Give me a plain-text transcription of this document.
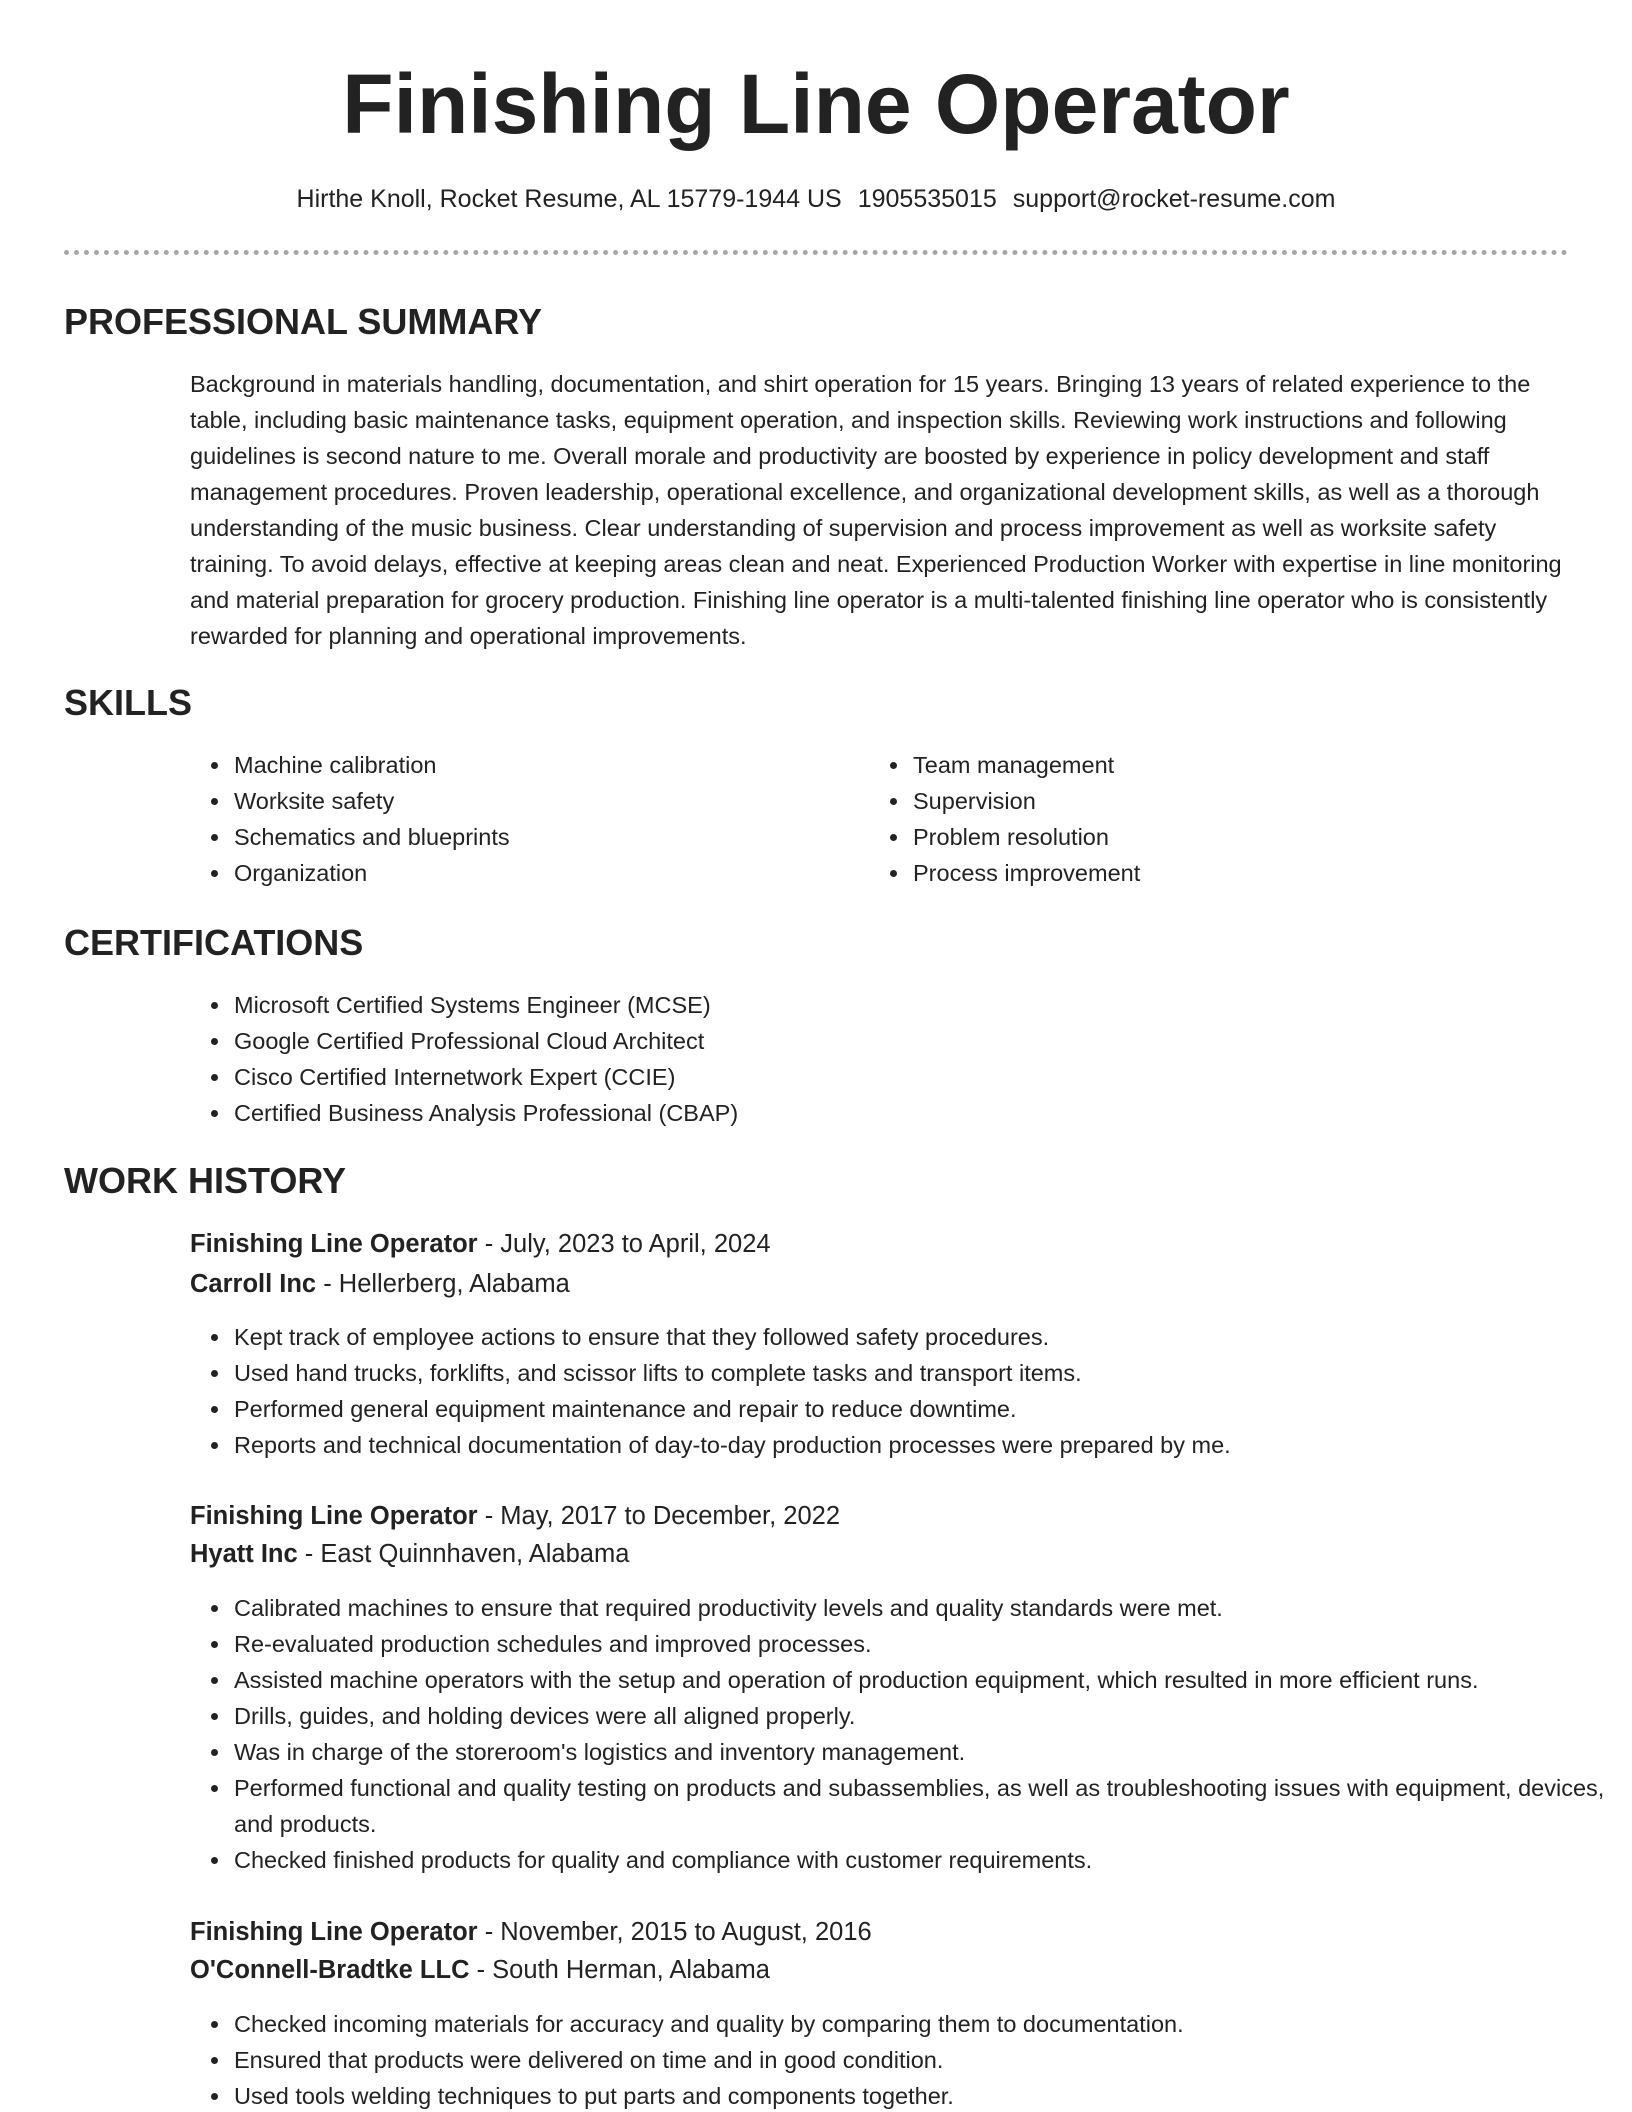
Finishing Line Operator
Hirthe Knoll, Rocket Resume, AL 15779-1944 US 1905535015 support@rocket-resume.com
PROFESSIONAL SUMMARY

Background in materials handling, documentation, and shirt operation for 15 years. Bringing 13 years of related experience to the table, including basic maintenance tasks, equipment operation, and inspection skills. Reviewing work instructions and following guidelines is second nature to me. Overall morale and productivity are boosted by experience in policy development and staff management procedures. Proven leadership, operational excellence, and organizational development skills, as well as a thorough understanding of the music business. Clear understanding of supervision and process improvement as well as worksite safety training. To avoid delays, effective at keeping areas clean and neat. Experienced Production Worker with expertise in line monitoring and material preparation for grocery production. Finishing line operator is a multi-talented finishing line operator who is consistently rewarded for planning and operational improvements.

SKILLS
• Machine calibration
• Worksite safety
• Schematics and blueprints
• Organization
• Team management
• Supervision
• Problem resolution
• Process improvement
CERTIFICATIONS
• Microsoft Certified Systems Engineer (MCSE)
• Google Certified Professional Cloud Architect
• Cisco Certified Internetwork Expert (CCIE)
• Certified Business Analysis Professional (CBAP)
WORK HISTORY
Finishing Line Operator - July, 2023 to April, 2024
Carroll Inc - Hellerberg, Alabama
• Kept track of employee actions to ensure that they followed safety procedures.
• Used hand trucks, forklifts, and scissor lifts to complete tasks and transport items.
• Performed general equipment maintenance and repair to reduce downtime.
• Reports and technical documentation of day-to-day production processes were prepared by me.
Finishing Line Operator - May, 2017 to December, 2022
Hyatt Inc - East Quinnhaven, Alabama
• Calibrated machines to ensure that required productivity levels and quality standards were met.
• Re-evaluated production schedules and improved processes.
• Assisted machine operators with the setup and operation of production equipment, which resulted in more efficient runs.
• Drills, guides, and holding devices were all aligned properly.
• Was in charge of the storeroom's logistics and inventory management.
• Performed functional and quality testing on products and subassemblies, as well as troubleshooting issues with equipment, devices, and products.
• Checked finished products for quality and compliance with customer requirements.
Finishing Line Operator - November, 2015 to August, 2016
O'Connell-Bradtke LLC - South Herman, Alabama
• Checked incoming materials for accuracy and quality by comparing them to documentation.
• Ensured that products were delivered on time and in good condition.
• Used tools welding techniques to put parts and components together.
